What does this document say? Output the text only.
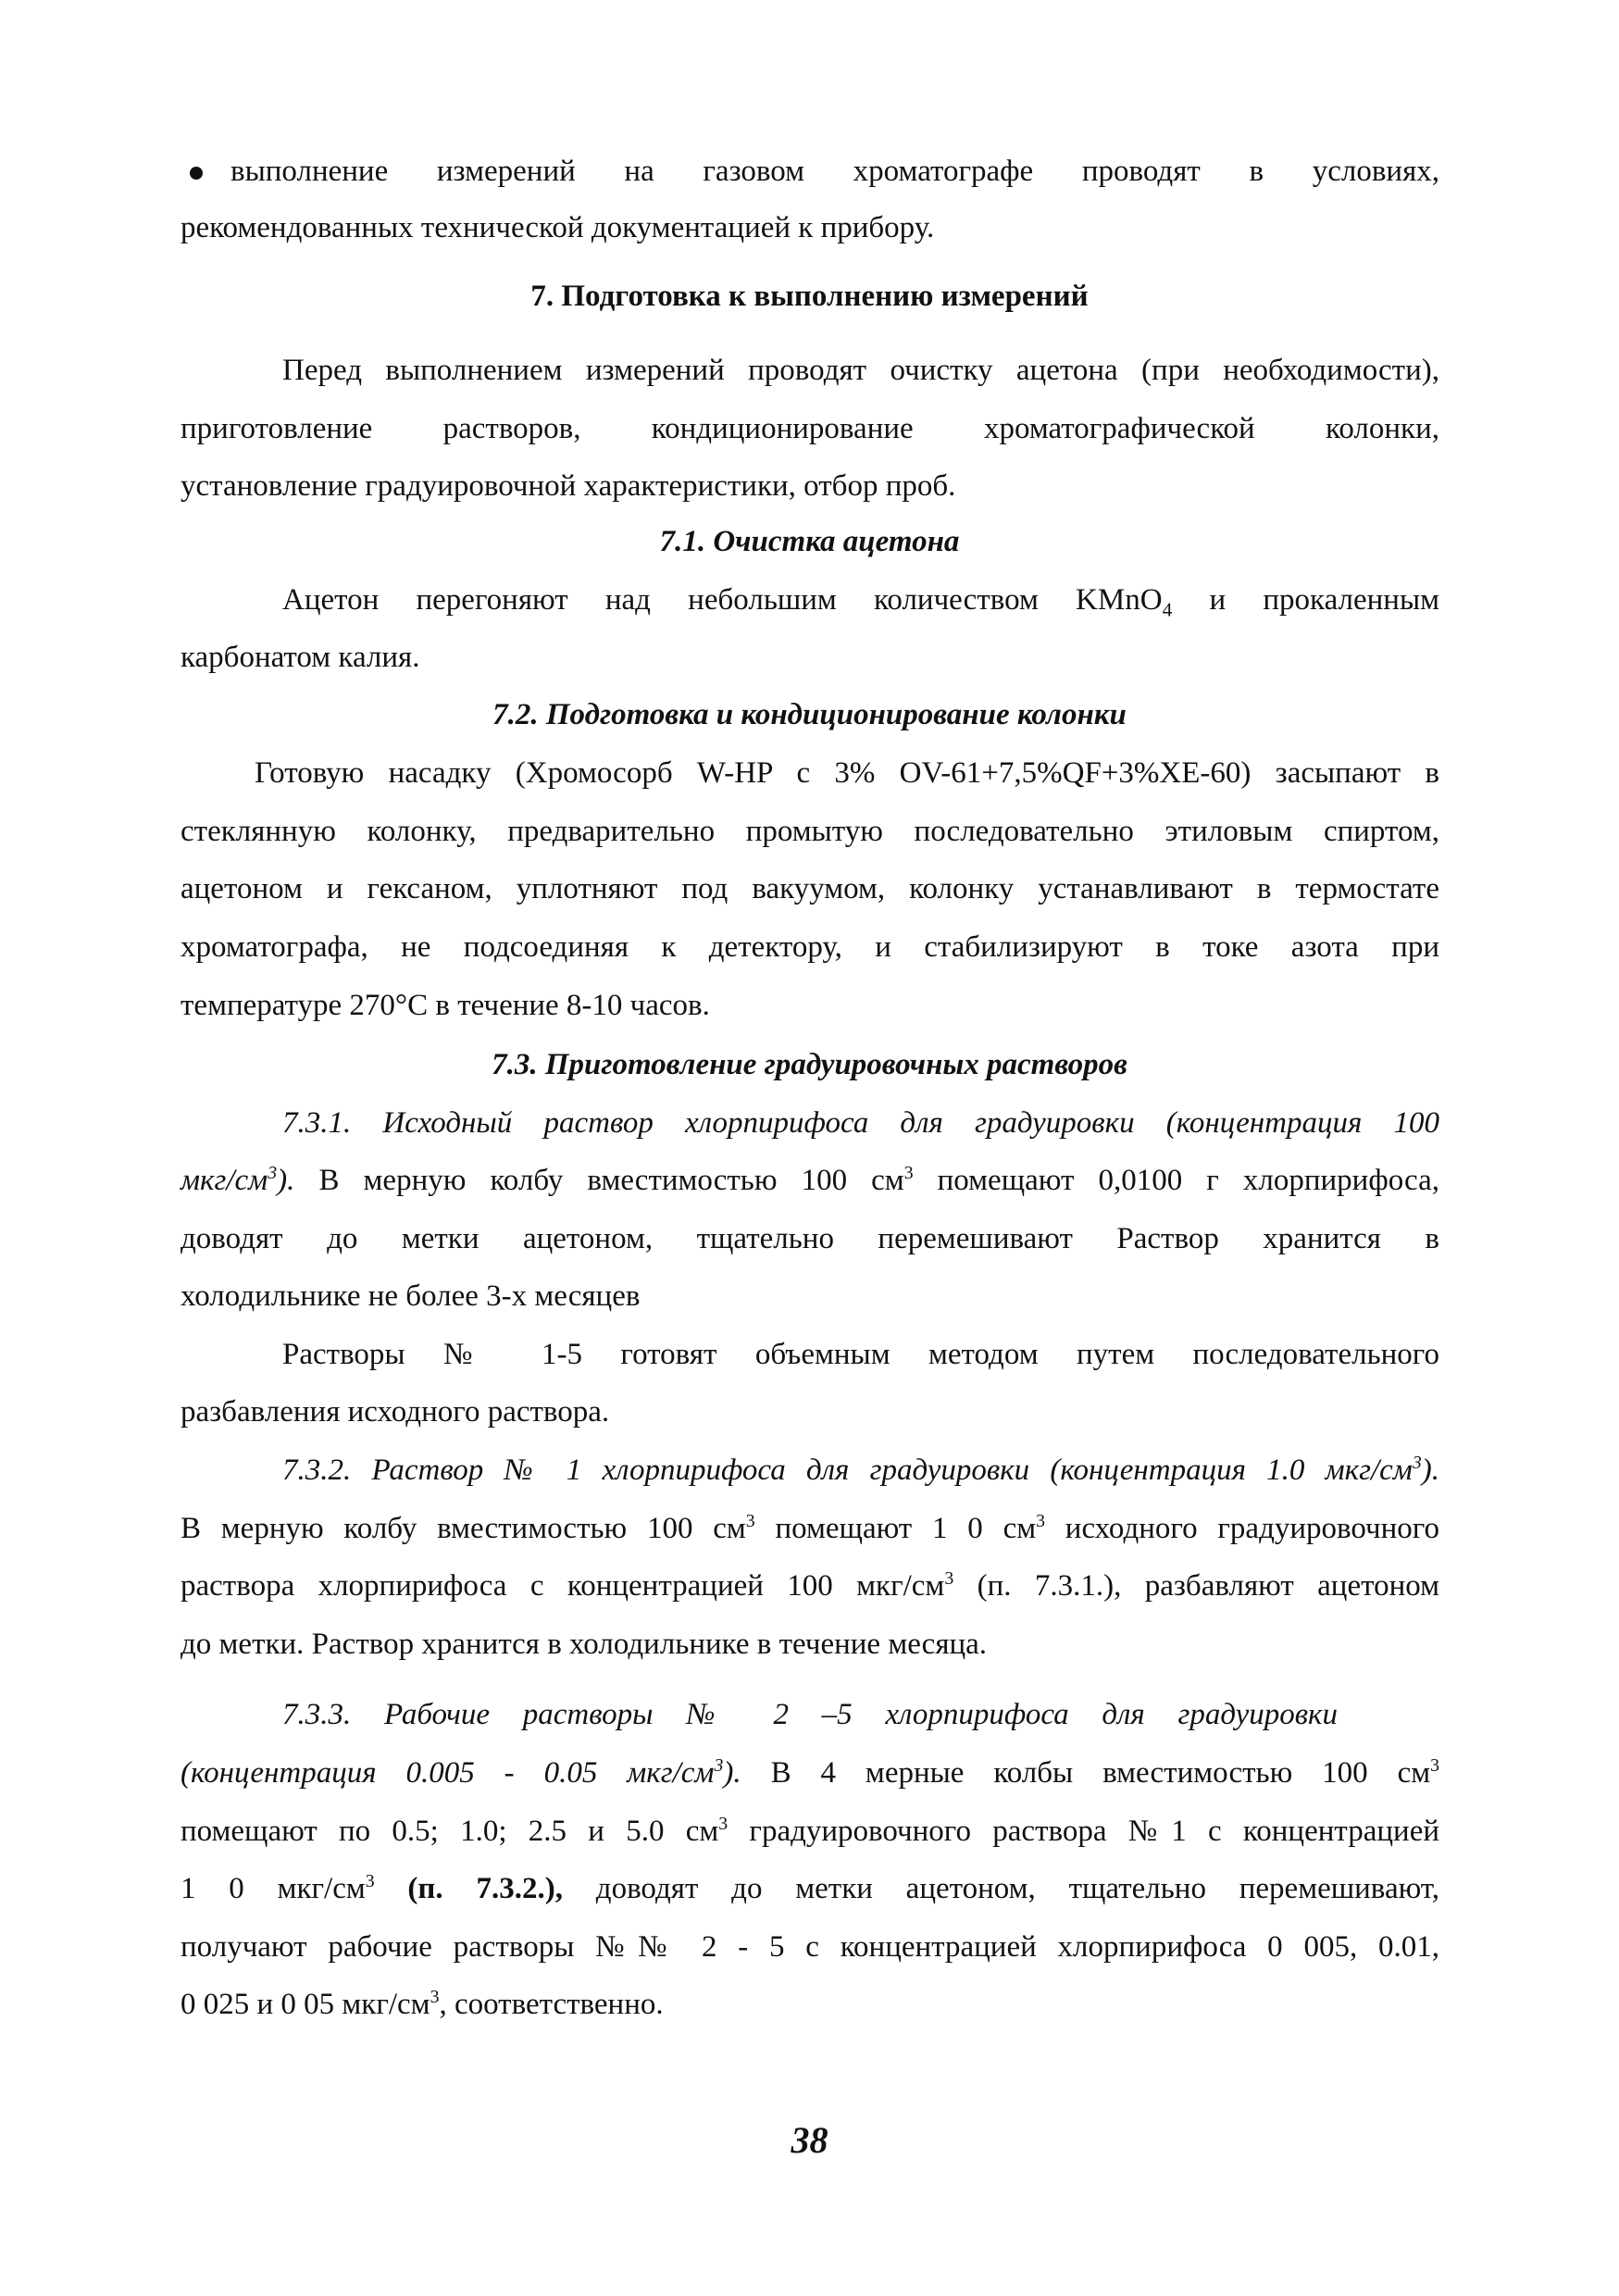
выполнение измерений на газовом хроматографе проводят в условиях,
рекомендованных технической документацией к прибору.
7. Подготовка к выполнению измерений
Перед выполнением измерений проводят очистку ацетона (при необходимости),
приготовление растворов, кондиционирование хроматографической колонки,
установление градуировочной характеристики, отбор проб.
7.1. Очистка ацетона
Ацетон перегоняют над небольшим количеством KMnO$_4$ и прокаленным
карбонатом калия.
7.2. Подготовка и кондиционирование колонки
Готовую насадку (Хромосорб W-HP с 3% OV-61+7,5%QF+3%XE-60) засыпают в
стеклянную колонку, предварительно промытую последовательно этиловым спиртом,
ацетоном и гексаном, уплотняют под вакуумом, колонку устанавливают в термостате
хроматографа, не подсоединяя к детектору, и стабилизируют в токе азота при
температуре 270°C в течение 8-10 часов.
7.3. Приготовление градуировочных растворов
7.3.1. Исходный раствор хлорпирифоса для градуировки (концентрация 100
мкг/$см^3$). В мерную колбу вместимостью 100 $см^3$ помещают 0,0100 г хлорпирифоса,
доводят до метки ацетоном, тщательно перемешивают Раствор хранится в
холодильнике не более 3-х месяцев
Растворы № 1-5 готовят объемным методом путем последовательного
разбавления исходного раствора.
7.3.2. Раствор № 1 хлорпирифоса для градуировки (концентрация 1.0 мкг/$см^3$).
В мерную колбу вместимостью 100 $см^3$ помещают 1 0 $см^3$ исходного градуировочного
раствора хлорпирифоса с концентрацией 100 мкг/$см^3$ (п. 7.3.1.), разбавляют ацетоном
до метки. Раствор хранится в холодильнике в течение месяца.
7.3.3. Рабочие растворы № 2 –5 хлорпирифоса для градуировки
(концентрация 0.005 - 0.05 мкг/$см^3$). В 4 мерные колбы вместимостью 100 $см^3$
помещают по 0.5; 1.0; 2.5 и 5.0 $см^3$ градуировочного раствора №1 с концентрацией
1 0 мкг/$см^3$ (п. 7.3.2.), доводят до метки ацетоном, тщательно перемешивают,
получают рабочие растворы №№ 2 - 5 с концентрацией хлорпирифоса 0 005, 0.01,
0 025 и 0 05 мкг/$см^3$, соответственно.
38
